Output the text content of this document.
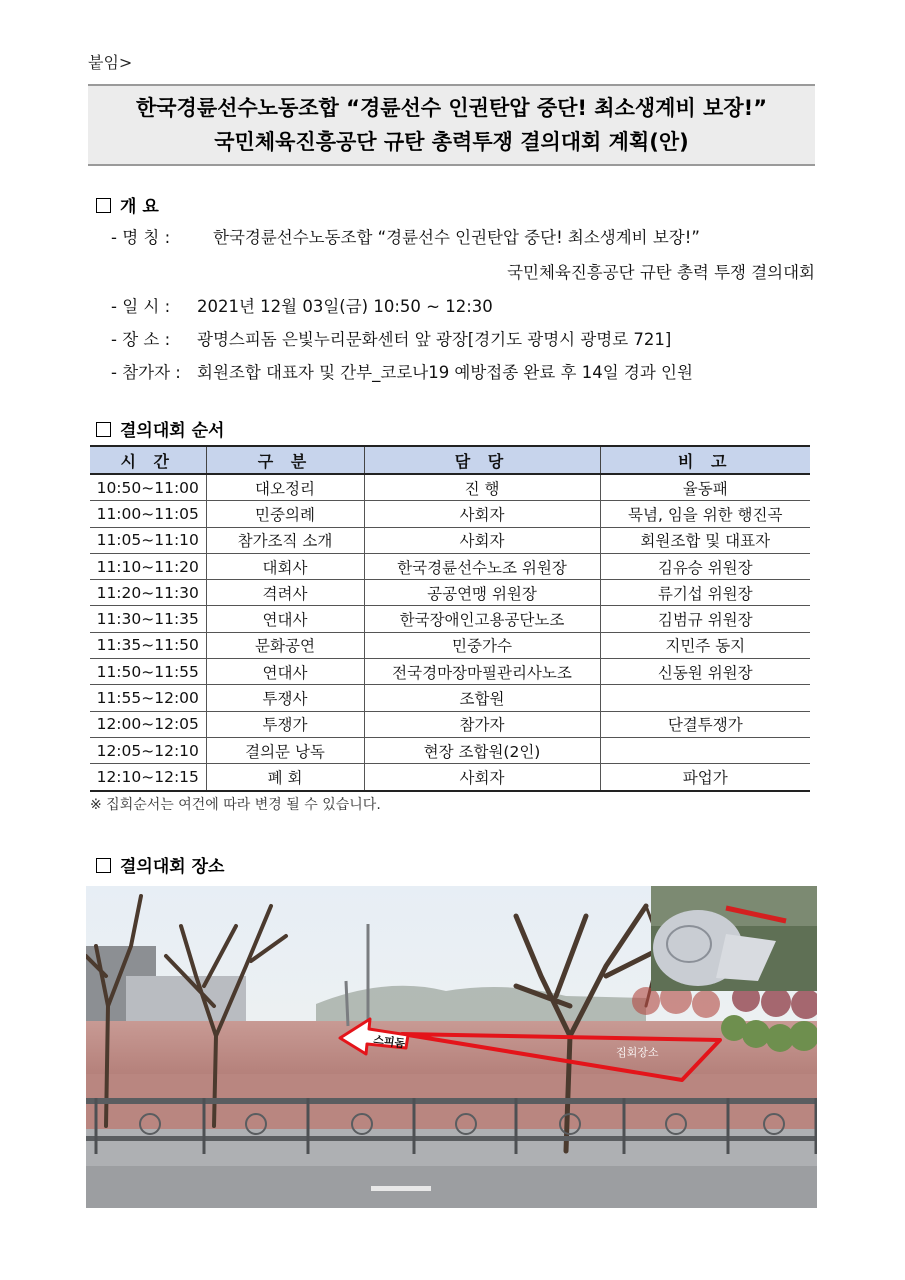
붙임>
한국경륜선수노동조합 “경륜선수 인권탄압 중단! 최소생계비 보장!”
국민체육진흥공단 규탄 총력투쟁 결의대회 계획(안)
개 요
- 명 칭 :	한국경륜선수노동조합 “경륜선수 인권탄압 중단! 최소생계비 보장!”
국민체육진흥공단 규탄 총력 투쟁 결의대회
- 일 시 : 2021년 12월 03일(금) 10:50 ~ 12:30
- 장 소 : 광명스피돔 은빛누리문화센터 앞 광장[경기도 광명시 광명로 721]
- 참가자 : 회원조합 대표자 및 간부_코로나19 예방접종 완료 후 14일 경과 인원
결의대회 순서
시 간	구 분	담 당	비 고
10:50~11:00	대오정리	진 행	율동패
11:00~11:05	민중의례	사회자	묵념, 임을 위한 행진곡
11:05~11:10	참가조직 소개	사회자	회원조합 및 대표자
11:10~11:20	대회사	한국경륜선수노조 위원장	김유승 위원장
11:20~11:30	격려사	공공연맹 위원장	류기섭 위원장
11:30~11:35	연대사	한국장애인고용공단노조	김범규 위원장
11:35~11:50	문화공연	민중가수	지민주 동지
11:50~11:55	연대사	전국경마장마필관리사노조	신동원 위원장
11:55~12:00	투쟁사	조합원	
12:00~12:05	투쟁가	참가자	단결투쟁가
12:05~12:10	결의문 낭독	현장 조합원(2인)	
12:10~12:15	폐 회	사회자	파업가
※ 집회순서는 여건에 따라 변경 될 수 있습니다.
결의대회 장소
스피돔
집회장소
